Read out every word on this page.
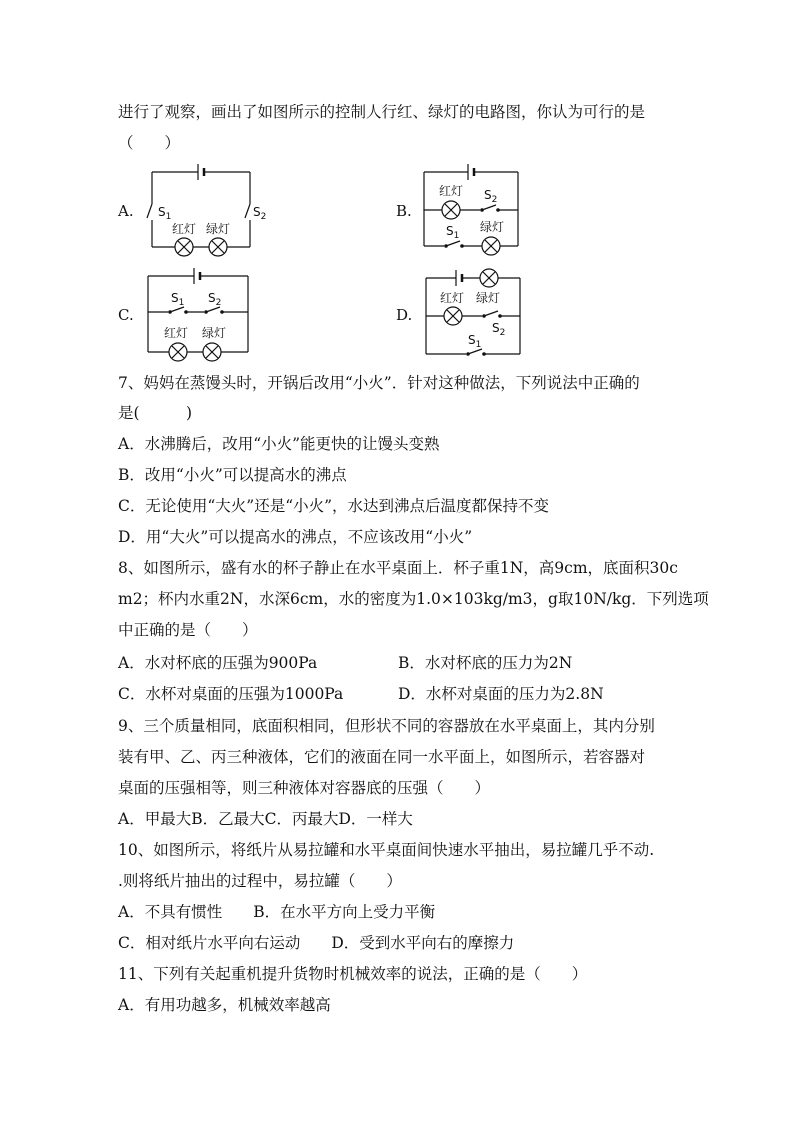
进行了观察，画出了如图所示的控制人行红、绿灯的电路图，你认为可行的是
（　　）
A. $S_1$	$S_2$
红灯 绿灯
B.
红灯 $S_2$
$S_1$
绿灯
C.
$S_1$ $S_2$
红灯 绿灯
D.
红灯 绿灯
$S_2$
$S_1$
7、妈妈在蒸馒头时，开锅后改用“小火”．针对这种做法，下列说法中正确的
是(　　　)
A．水沸腾后，改用“小火”能更快的让馒头变熟
B．改用“小火”可以提高水的沸点
C．无论使用“大火”还是“小火”，水达到沸点后温度都保持不变
D．用“大火”可以提高水的沸点，不应该改用“小火”
8、如图所示，盛有水的杯子静止在水平桌面上．杯子重1N，高9cm，底面积30c
m2；杯内水重2N，水深6cm，水的密度为1.0×103kg/m3，g取10N/kg．下列选项
中正确的是（　　）
A．水对杯底的压强为900Pa	B．水对杯底的压力为2N
C．水杯对桌面的压强为1000Pa	D．水杯对桌面的压力为2.8N
9、三个质量相同，底面积相同，但形状不同的容器放在水平桌面上，其内分别
装有甲、乙、丙三种液体，它们的液面在同一水平面上，如图所示，若容器对
桌面的压强相等，则三种液体对容器底的压强（　　）
A．甲最大B．乙最大C．丙最大D．一样大
10、如图所示，将纸片从易拉罐和水平桌面间快速水平抽出，易拉罐几乎不动.
.则将纸片抽出的过程中，易拉罐（　　）
A．不具有惯性　　B．在水平方向上受力平衡
C．相对纸片水平向右运动　　D．受到水平向右的摩擦力
11、下列有关起重机提升货物时机械效率的说法，正确的是（　　）
A．有用功越多，机械效率越高
